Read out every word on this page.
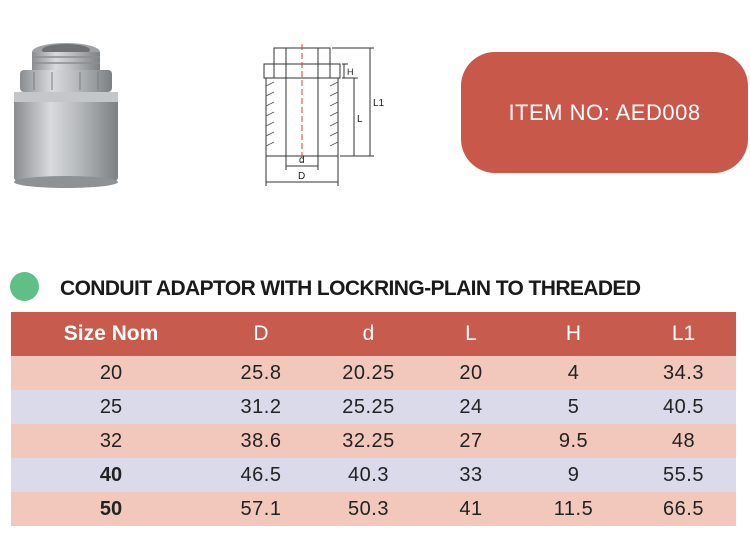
H
L
L1
d
D
ITEM NO: AED008
CONDUIT ADAPTOR WITH LOCKRING-PLAIN TO THREADED
Size Nom	D	d	L	H	L1
20	25.8	20.25	20	4	34.3
25	31.2	25.25	24	5	40.5
32	38.6	32.25	27	9.5	48
40	46.5	40.3	33	9	55.5
50	57.1	50.3	41	11.5	66.5
